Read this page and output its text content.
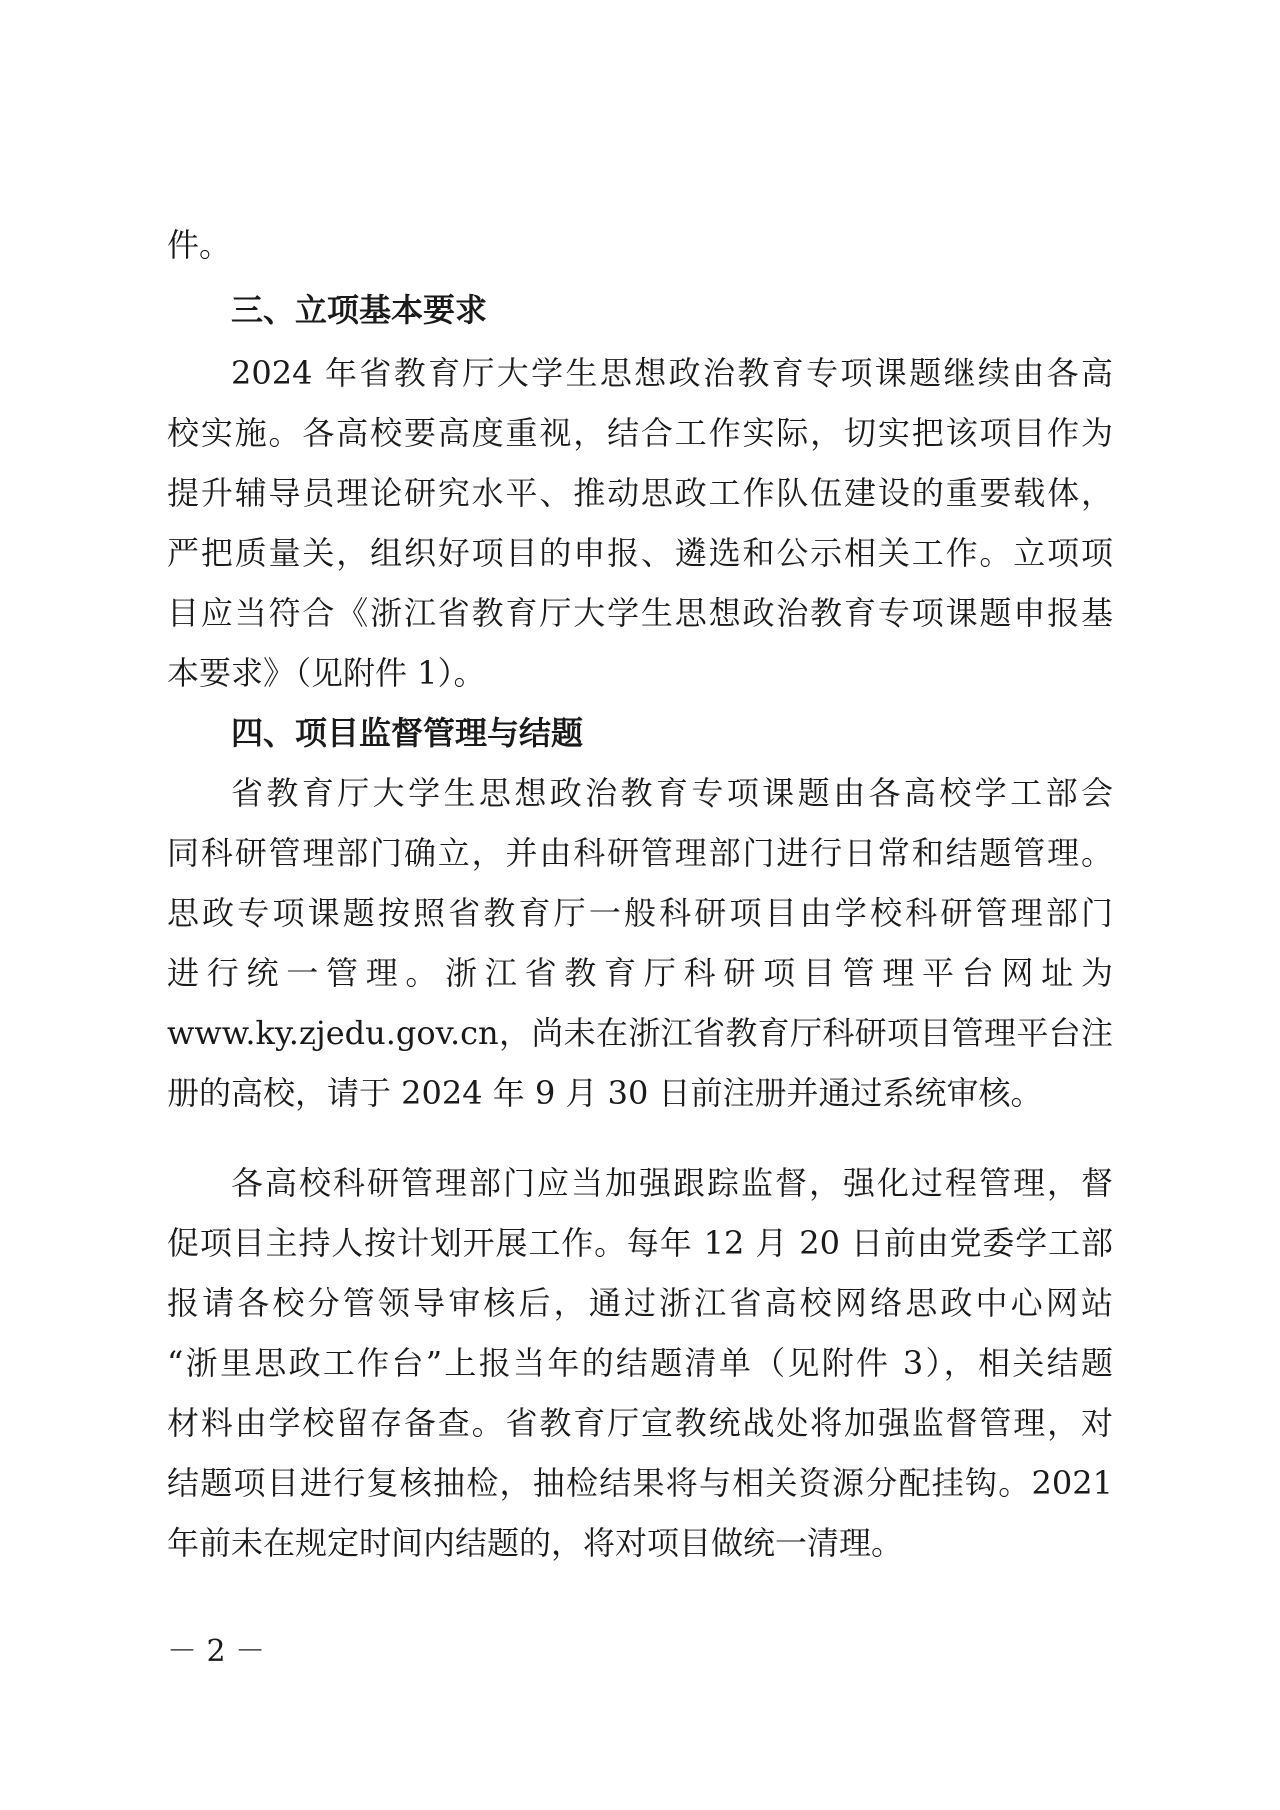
件。
三、立项基本要求
2024 年省教育厅大学生思想政治教育专项课题继续由各高
校实施。各高校要高度重视，结合工作实际，切实把该项目作为
提升辅导员理论研究水平、推动思政工作队伍建设的重要载体，
严把质量关，组织好项目的申报、遴选和公示相关工作。立项项
目应当符合《浙江省教育厅大学生思想政治教育专项课题申报基
本要求》（见附件 1）。
四、项目监督管理与结题
省教育厅大学生思想政治教育专项课题由各高校学工部会
同科研管理部门确立，并由科研管理部门进行日常和结题管理。
思政专项课题按照省教育厅一般科研项目由学校科研管理部门
进行统一管理。浙江省教育厅科研项目管理平台网址为
www.ky.zjedu.gov.cn，尚未在浙江省教育厅科研项目管理平台注
册的高校，请于 2024 年 9 月 30 日前注册并通过系统审核。
各高校科研管理部门应当加强跟踪监督，强化过程管理，督
促项目主持人按计划开展工作。每年 12 月 20 日前由党委学工部
报请各校分管领导审核后，通过浙江省高校网络思政中心网站
“浙里思政工作台”上报当年的结题清单（见附件 3），相关结题
材料由学校留存备查。省教育厅宣教统战处将加强监督管理，对
结题项目进行复核抽检，抽检结果将与相关资源分配挂钩。2021
年前未在规定时间内结题的，将对项目做统一清理。
－ 2 －
